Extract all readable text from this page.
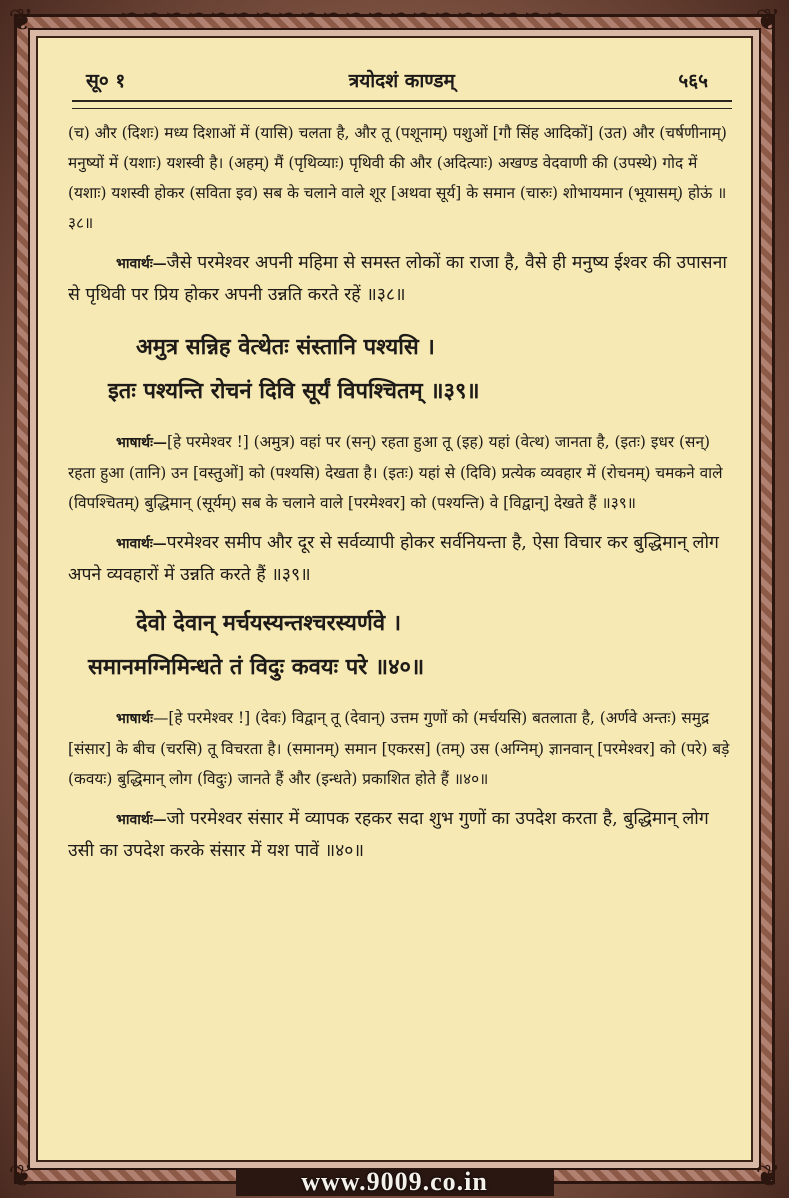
❦	❦
❦	❦
∽∽∽∽∽∽∽∽∽∽∽∽∽∽∽∽∽∽∽∽
सू० १	त्रयोदशं काण्डम्	५६५

(च) और (दिशः) मध्य दिशाओं में (यासि) चलता है, और तू (पशूनाम्) पशुओं [गौ सिंह आदिकों] (उत) और (चर्षणीनाम्) मनुष्यों में (यशाः) यशस्वी है। (अहम्) मैं (पृथिव्याः) पृथिवी की और (अदित्याः) अखण्ड वेदवाणी की (उपस्थे) गोद में (यशाः) यशस्वी होकर (सविता इव) सब के चलाने वाले शूर [अथवा सूर्य] के समान (चारुः) शोभायमान (भूयासम्) होऊं ॥३८॥

भावार्थः—जैसे परमेश्वर अपनी महिमा से समस्त लोकों का राजा है, वैसे ही मनुष्य ईश्वर की उपासना से पृथिवी पर प्रिय होकर अपनी उन्नति करते रहें ॥३८॥

अमुत्र सन्निह वेत्थेतः संस्तानि पश्यसि ।

इतः पश्यन्ति रोचनं दिवि सूर्यं विपश्चितम् ॥३९॥

भाषार्थः—[हे परमेश्वर !] (अमुत्र) वहां पर (सन्) रहता हुआ तू (इह) यहां (वेत्थ) जानता है, (इतः) इधर (सन्) रहता हुआ (तानि) उन [वस्तुओं] को (पश्यसि) देखता है। (इतः) यहां से (दिवि) प्रत्येक व्यवहार में (रोचनम्) चमकने वाले (विपश्चितम्) बुद्धिमान् (सूर्यम्) सब के चलाने वाले [परमेश्वर] को (पश्यन्ति) वे [विद्वान्] देखते हैं ॥३९॥

भावार्थः—परमेश्वर समीप और दूर से सर्वव्यापी होकर सर्वनियन्ता है, ऐसा विचार कर बुद्धिमान् लोग अपने व्यवहारों में उन्नति करते हैं ॥३९॥

देवो देवान् मर्चयस्यन्तश्चरस्यर्णवे ।

समानमग्निमिन्धते तं विदुः कवयः परे ॥४०॥

भाषार्थः—[हे परमेश्वर !] (देवः) विद्वान् तू (देवान्) उत्तम गुणों को (मर्चयसि) बतलाता है, (अर्णवे अन्तः) समुद्र [संसार] के बीच (चरसि) तू विचरता है। (समानम्) समान [एकरस] (तम्) उस (अग्निम्) ज्ञानवान् [परमेश्वर] को (परे) बड़े (कवयः) बुद्धिमान् लोग (विदुः) जानते हैं और (इन्धते) प्रकाशित होते हैं ॥४०॥

भावार्थः—जो परमेश्वर संसार में व्यापक रहकर सदा शुभ गुणों का उपदेश करता है, बुद्धिमान् लोग उसी का उपदेश करके संसार में यश पावें ॥४०॥

www.9009.co.in
